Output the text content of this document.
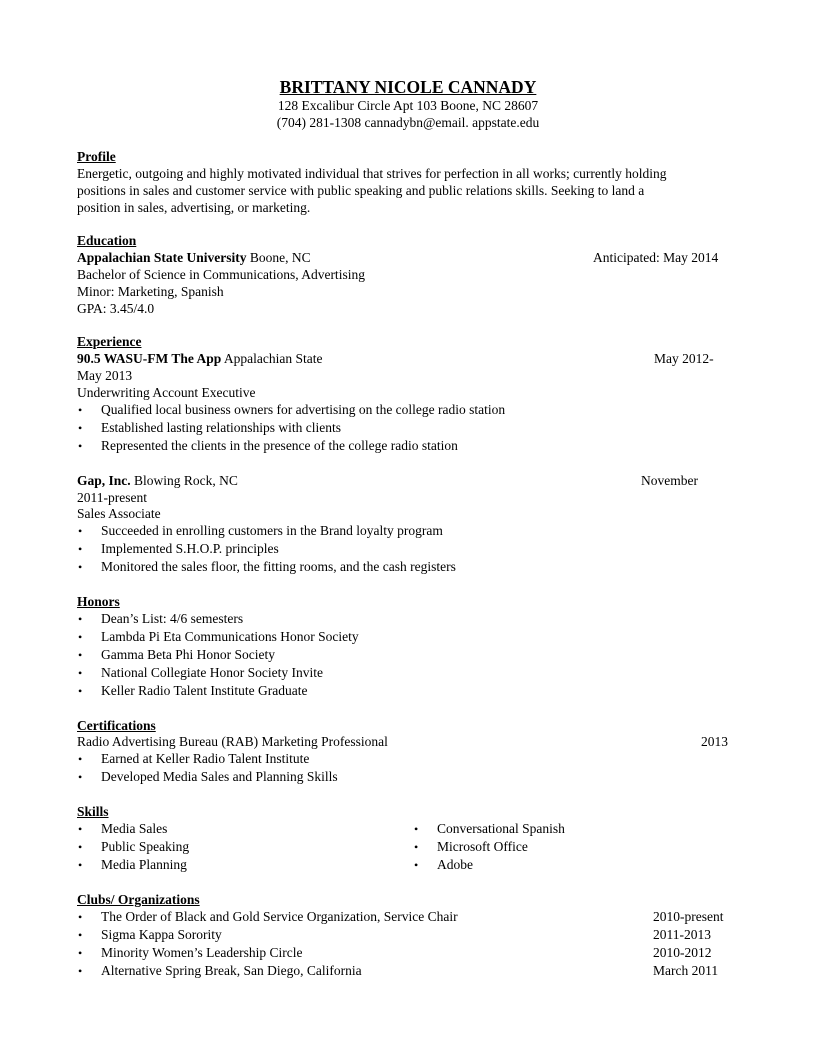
BRITTANY NICOLE CANNADY
128 Excalibur Circle Apt 103 Boone, NC 28607
(704) 281-1308 cannadybn@email. appstate.edu
Profile
Energetic, outgoing and highly motivated individual that strives for perfection in all works; currently holding
positions in sales and customer service with public speaking and public relations skills. Seeking to land a
position in sales, advertising, or marketing.
Education
Appalachian State University Boone, NC	Anticipated: May 2014
Bachelor of Science in Communications, Advertising
Minor: Marketing, Spanish
GPA: 3.45/4.0
Experience
90.5 WASU-FM The App Appalachian State	May 2012-
May 2013
Underwriting Account Executive
• Qualified local business owners for advertising on the college radio station
• Established lasting relationships with clients
• Represented the clients in the presence of the college radio station
Gap, Inc. Blowing Rock, NC	November
2011-present
Sales Associate
• Succeeded in enrolling customers in the Brand loyalty program
• Implemented S.H.O.P. principles
• Monitored the sales floor, the fitting rooms, and the cash registers
Honors
• Dean’s List: 4/6 semesters
• Lambda Pi Eta Communications Honor Society
• Gamma Beta Phi Honor Society
• National Collegiate Honor Society Invite
• Keller Radio Talent Institute Graduate
Certifications
Radio Advertising Bureau (RAB) Marketing Professional	2013
• Earned at Keller Radio Talent Institute
• Developed Media Sales and Planning Skills
Skills
• Media Sales
• Public Speaking
• Media Planning
• Conversational Spanish
• Microsoft Office
• Adobe
Clubs/ Organizations
• The Order of Black and Gold Service Organization, Service Chair	2010-present
• Sigma Kappa Sorority	2011-2013
• Minority Women’s Leadership Circle	2010-2012
• Alternative Spring Break, San Diego, California	March 2011
